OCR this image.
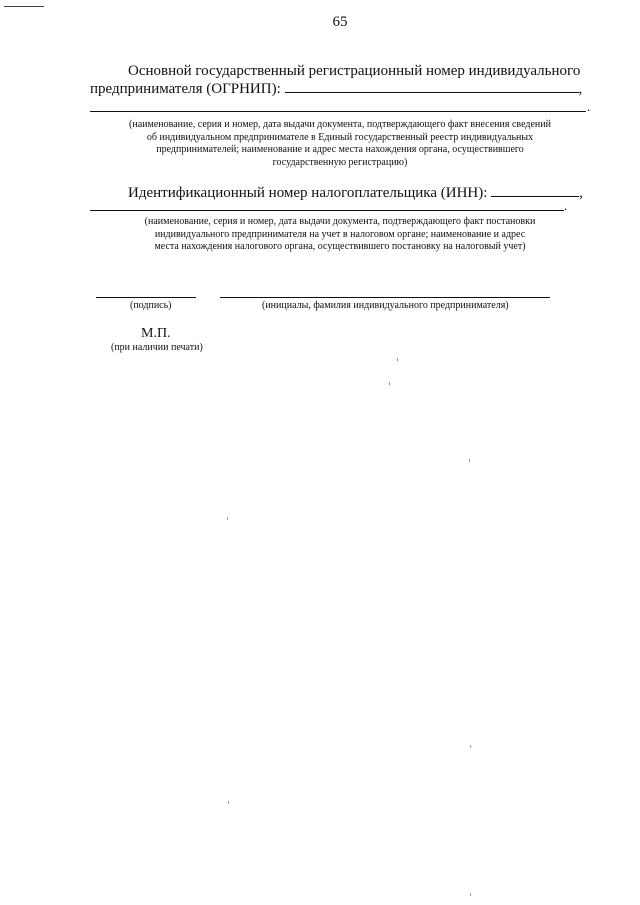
65
Основной государственный регистрационный номер индивидуального
предпринимателя (ОГРНИП):	,
.
(наименование, серия и номер, дата выдачи документа, подтверждающего факт внесения сведений
об индивидуальном предпринимателе в Единый государственный реестр индивидуальных
предпринимателей; наименование и адрес места нахождения органа, осуществившего
государственную регистрацию)
Идентификационный номер налогоплательщика (ИНН):	,
.
(наименование, серия и номер, дата выдачи документа, подтверждающего факт постановки
индивидуального предпринимателя на учет в налоговом органе; наименование и адрес
места нахождения налогового органа, осуществившего постановку на налоговый учет)
(подпись)	(инициалы, фамилия индивидуального предпринимателя)
М.П.
(при наличии печати)
